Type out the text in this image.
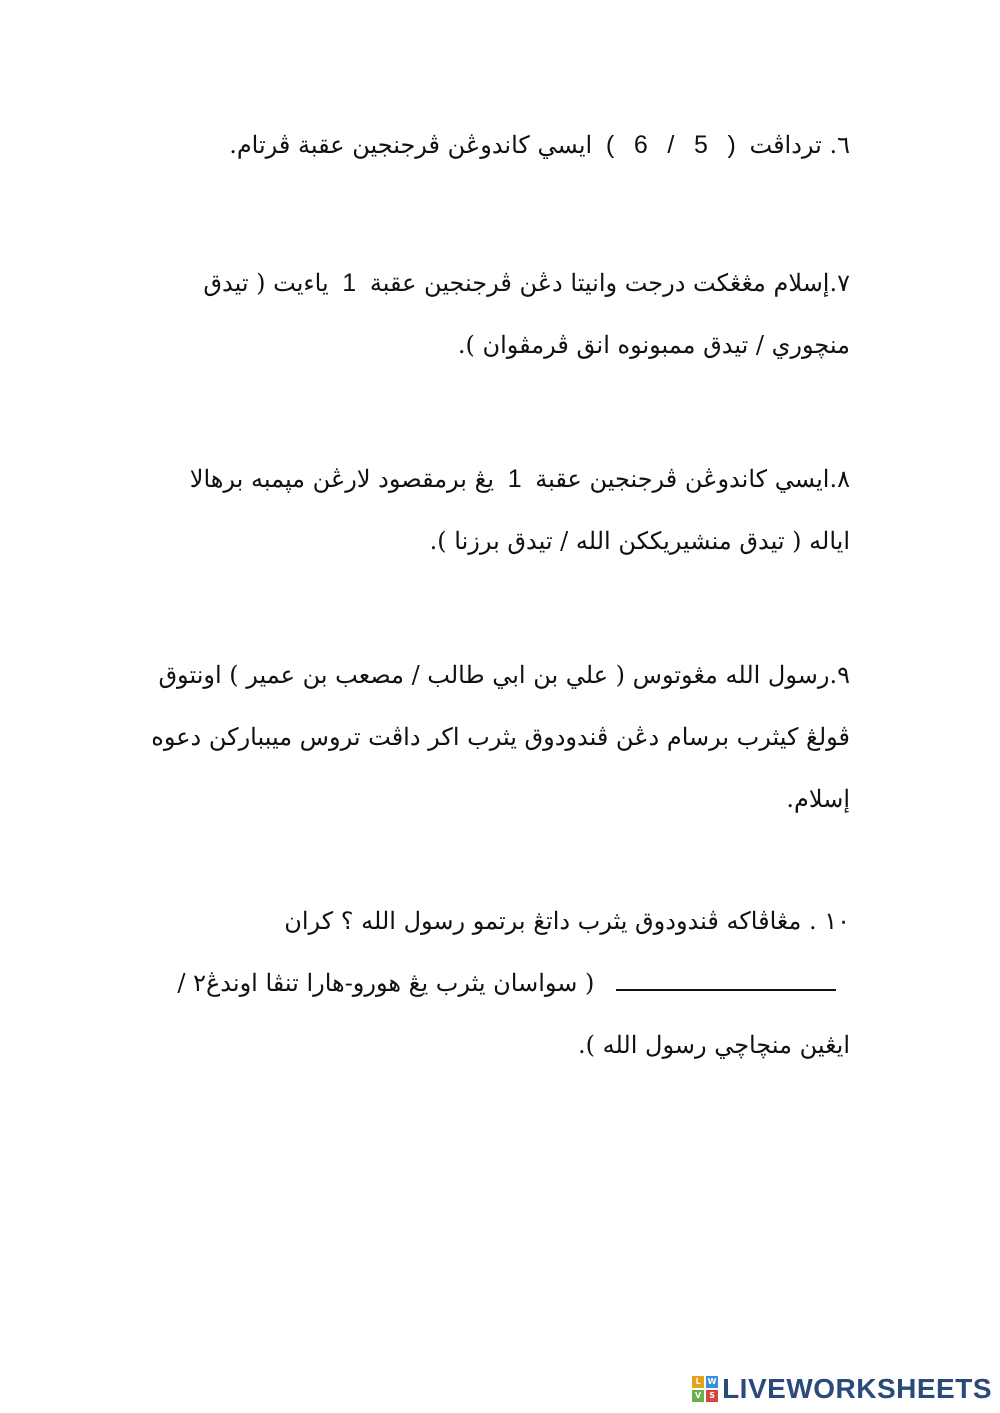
٦. ترداڤت ( 5 / 6 ) ايسي كاندوڠن ڤرجنجين عقبة ڤرتام.
٧.إسلام مڠڠكت درجت وانيتا دڠن ڤرجنجين عقبة 1 ياءيت ( تيدق منچوري / تيدق ممبونوه انق ڤرمڤوان ).
٨.ايسي كاندوڠن ڤرجنجين عقبة 1 يڠ برمقصود لارڠن مپمبه برهالا اياله ( تيدق منشيريككن الله / تيدق برزنا ).
٩.رسول الله مڠوتوس ( علي بن ابي طالب / مصعب بن عمير ) اونتوق ڤولڠ كيثرب برسام دڠن ڤندودوق يثرب اكر داڤت تروس ميبباركن دعوه إسلام.
١٠ . مڠاڤاكه ڤندودوق يثرب داتڠ برتمو رسول الله ؟ كران  ( سواسان يثرب يڠ هورو-هارا تنڤا اوندڠ٢ / ايڠين منچاچي رسول الله ).
L W
V	S LIVEWORKSHEETS
